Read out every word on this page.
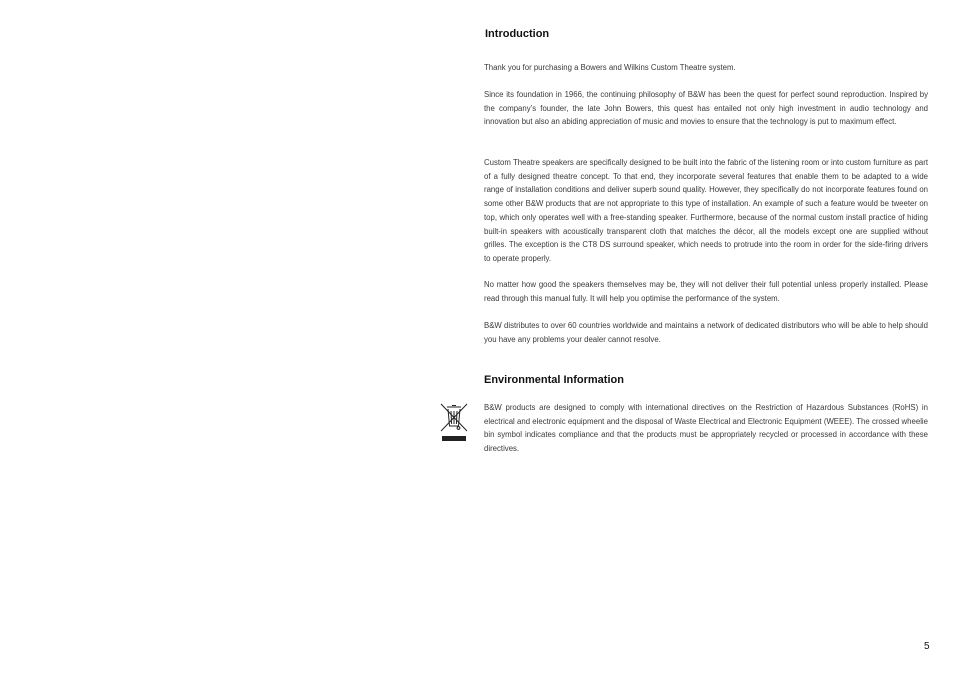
Introduction

Thank you for purchasing a Bowers and Wilkins Custom Theatre system.

Since its foundation in 1966, the continuing philosophy of B&W has been the quest for perfect sound reproduction. Inspired by the company’s founder, the late John Bowers, this quest has entailed not only high investment in audio technology and innovation but also an abiding appreciation of music and movies to ensure that the technology is put to maximum effect.

Custom Theatre speakers are specifically designed to be built into the fabric of the listening room or into custom furniture as part of a fully designed theatre concept. To that end, they incorporate several features that enable them to be adapted to a wide range of installation conditions and deliver superb sound quality. However, they specifically do not incorporate features found on some other B&W products that are not appropriate to this type of installation. An example of such a feature would be tweeter on top, which only operates well with a free-standing speaker. Furthermore, because of the normal custom install practice of hiding built-in speakers with acoustically transparent cloth that matches the décor, all the models except one are supplied without grilles. The exception is the CT8 DS surround speaker, which needs to protrude into the room in order for the side-firing drivers to operate properly.

No matter how good the speakers themselves may be, they will not deliver their full potential unless properly installed. Please read through this manual fully. It will help you optimise the performance of the system.

B&W distributes to over 60 countries worldwide and maintains a network of dedicated distributors who will be able to help should you have any problems your dealer cannot resolve.

Environmental Information

B&W products are designed to comply with international directives on the Restriction of Hazardous Substances (RoHS) in electrical and electronic equipment and the disposal of Waste Electrical and Electronic Equipment (WEEE). The crossed wheelie bin symbol indicates compliance and that the products must be appropriately recycled or processed in accordance with these directives.

5
